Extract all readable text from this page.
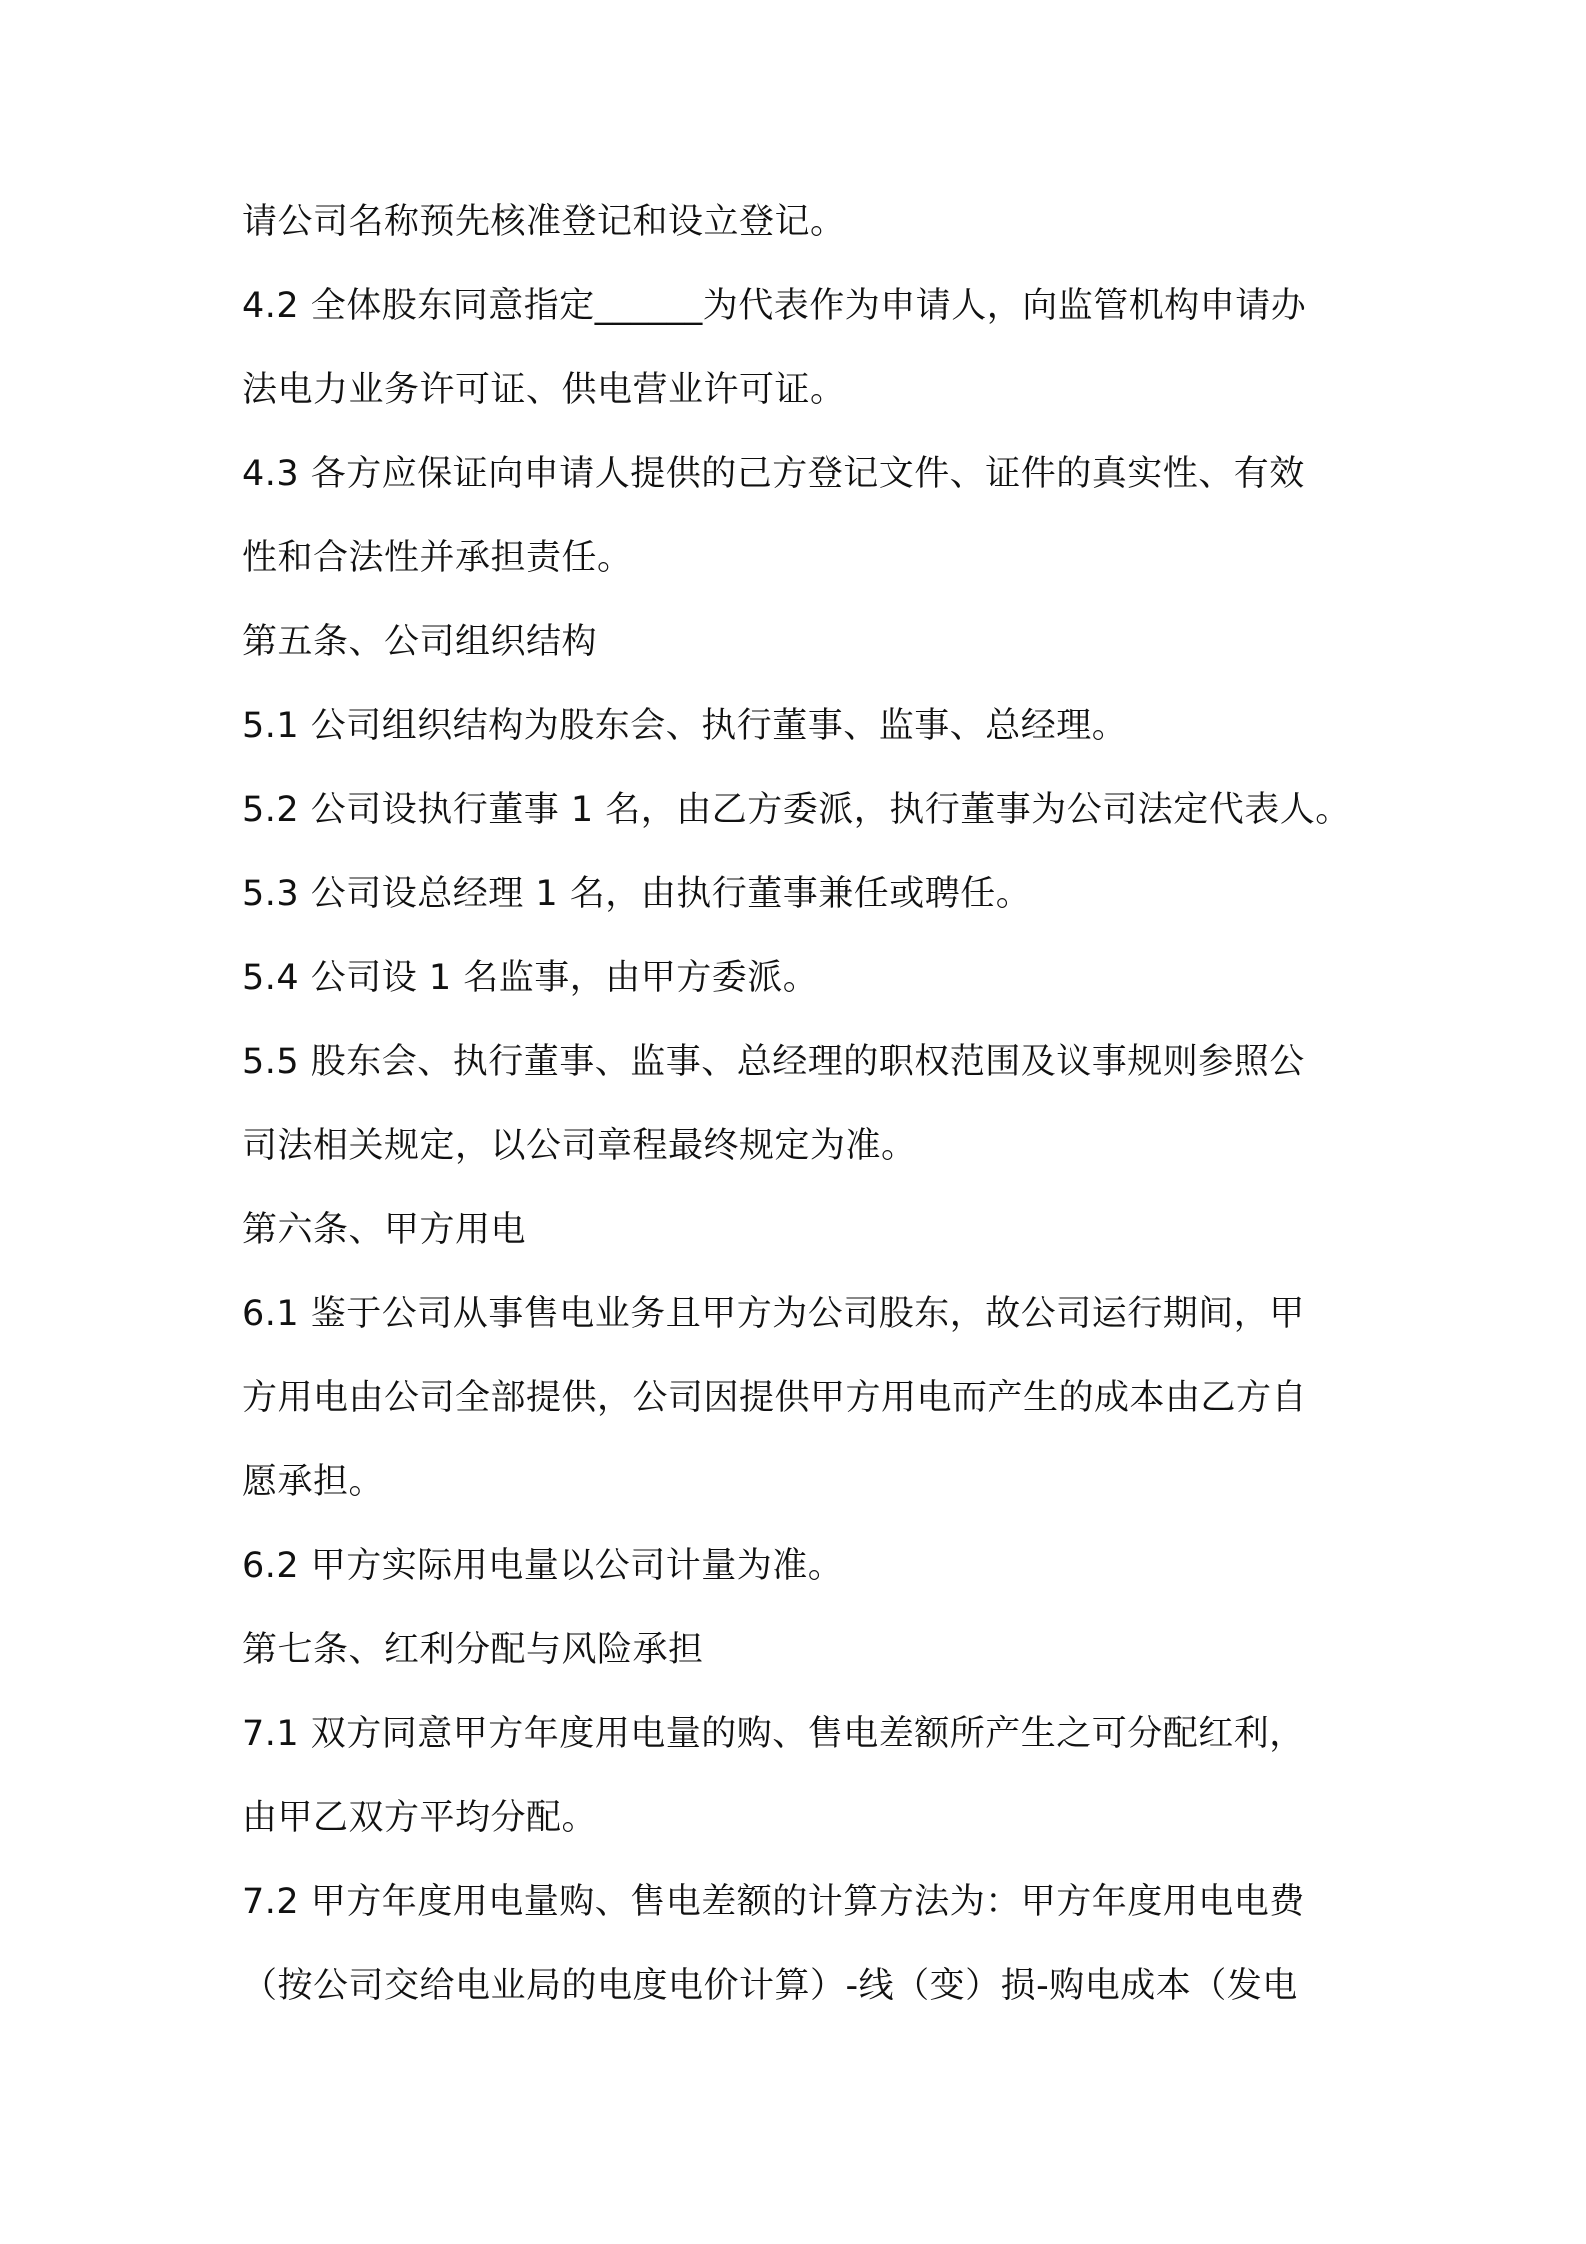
请公司名称预先核准登记和设立登记。
4.2 全体股东同意指定______为代表作为申请人，向监管机构申请办
法电力业务许可证、供电营业许可证。
4.3 各方应保证向申请人提供的己方登记文件、证件的真实性、有效
性和合法性并承担责任。
第五条、公司组织结构
5.1 公司组织结构为股东会、执行董事、监事、总经理。
5.2 公司设执行董事 1 名，由乙方委派，执行董事为公司法定代表人。
5.3 公司设总经理 1 名，由执行董事兼任或聘任。
5.4 公司设 1 名监事，由甲方委派。
5.5 股东会、执行董事、监事、总经理的职权范围及议事规则参照公
司法相关规定，以公司章程最终规定为准。
第六条、甲方用电
6.1 鉴于公司从事售电业务且甲方为公司股东，故公司运行期间，甲
方用电由公司全部提供，公司因提供甲方用电而产生的成本由乙方自
愿承担。
6.2 甲方实际用电量以公司计量为准。
第七条、红利分配与风险承担
7.1 双方同意甲方年度用电量的购、售电差额所产生之可分配红利，
由甲乙双方平均分配。
7.2 甲方年度用电量购、售电差额的计算方法为：甲方年度用电电费
（按公司交给电业局的电度电价计算）-线（变）损-购电成本（发电
